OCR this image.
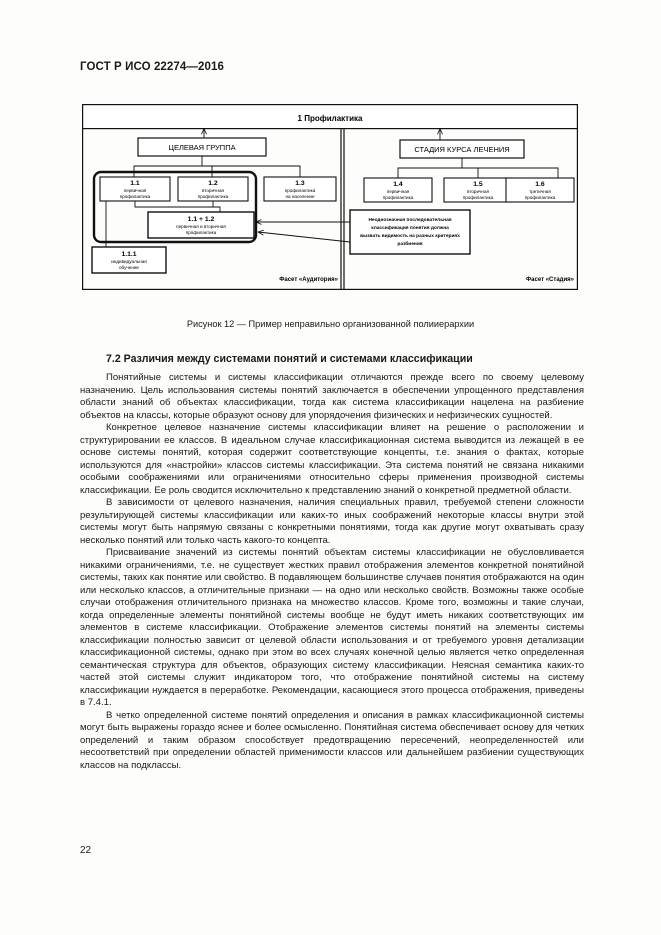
ГОСТ Р ИСО 22274—2016
1 Профилактика
ЦЕЛЕВАЯ ГРУППА	СТАДИЯ КУРСА ЛЕЧЕНИЯ
1.1
первичная
профилактика
1.2
вторичная
профилактика
1.3
профилактика
на население
1.1 + 1.2
первичная и вторичная
профилактика
1.1.1
индивидуальная
обучение
1.4
первичная
профилактика
1.5
вторичная
профилактика
1.6
третичная
профилактика
Неоднозначная последовательная
классификация понятия должна
вызвать видимость на разных критериях
разбиения
Фасет «Аудитория»	Фасет «Стадия»
Рисунок 12 — Пример неправильно организованной полииерархии
7.2 Различия между системами понятий и системами классификации

Понятийные системы и системы классификации отличаются прежде всего по своему целевому назначению. Цель использования системы понятий заключается в обеспечении упрощенного представления области знаний об объектах классификации, тогда как система классификации нацелена на разбиение объектов на классы, которые образуют основу для упорядочения физических и нефизических сущностей.

Конкретное целевое назначение системы классификации влияет на решение о расположении и структурировании ее классов. В идеальном случае классификационная система выводится из лежащей в ее основе системы понятий, которая содержит соответствующие концепты, т.е. знания о фактах, которые используются для «настройки» классов системы классификации. Эта система понятий не связана никакими особыми соображениями или ограничениями относительно сферы применения производной системы классификации. Ее роль сводится исключительно к представлению знаний о конкретной предметной области.

В зависимости от целевого назначения, наличия специальных правил, требуемой степени сложности результирующей системы классификации или каких-то иных соображений некоторые классы внутри этой системы могут быть напрямую связаны с конкретными понятиями, тогда как другие могут охватывать сразу несколько понятий или только часть какого-то концепта.

Присваивание значений из системы понятий объектам системы классификации не обусловливается никакими ограничениями, т.е. не существует жестких правил отображения элементов конкретной понятийной системы, таких как понятие или свойство. В подавляющем большинстве случаев понятия отображаются на один или несколько классов, а отличительные признаки — на одно или несколько свойств. Возможны также особые случаи отображения отличительного признака на множество классов. Кроме того, возможны и такие случаи, когда определенные элементы понятийной системы вообще не будут иметь никаких соответствующих им элементов в системе классификации. Отображение элементов системы понятий на элементы системы классификации полностью зависит от целевой области использования и от требуемого уровня детализации классификационной системы, однако при этом во всех случаях конечной целью является четко определенная семантическая структура для объектов, образующих систему классификации. Неясная семантика каких-то частей этой системы служит индикатором того, что отображение понятийной системы на систему классификации нуждается в переработке. Рекомендации, касающиеся этого процесса отображения, приведены в 7.4.1.

В четко определенной системе понятий определения и описания в рамках классификационной системы могут быть выражены гораздо яснее и более осмысленно. Понятийная система обеспечивает основу для четких определений и таким образом способствует предотвращению пересечений, неопределенностей или несоответствий при определении областей применимости классов или дальнейшем разбиении существующих классов на подклассы.

22
